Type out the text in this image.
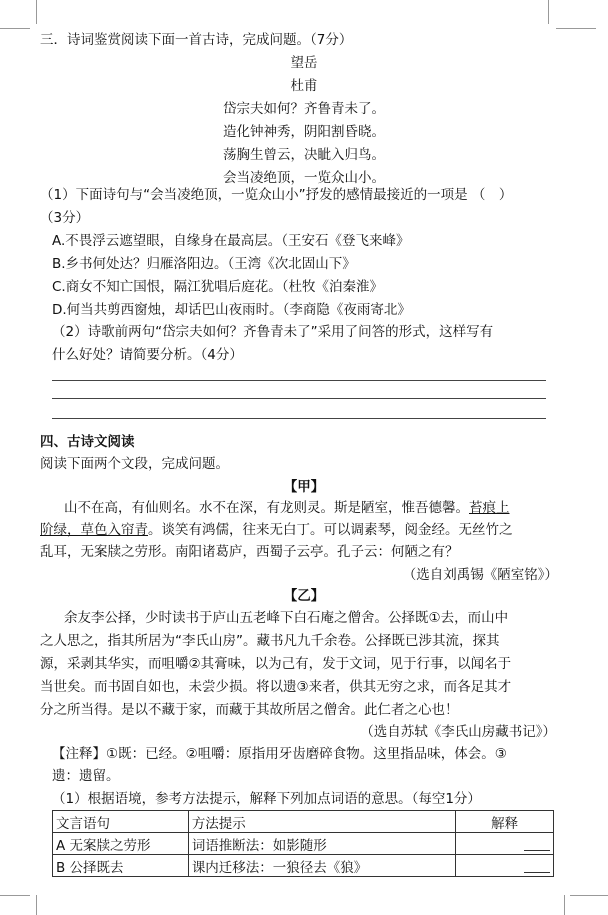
三．诗词鉴赏阅读下面一首古诗，完成问题。（7分）
望岳
杜甫
岱宗夫如何？齐鲁青未了。
造化钟神秀，阴阳割昏晓。
荡胸生曾云，决眦入归鸟。
会当凌绝顶，一览众山小。
（1）下面诗句与“会当凌绝顶，一览众山小”抒发的感情最接近的一项是 （　）
（3分）
A.不畏浮云遮望眼，自缘身在最高层。（王安石《登飞来峰》
B.乡书何处达？归雁洛阳边。（王湾《次北固山下》
C.商女不知亡国恨，隔江犹唱后庭花。（杜牧《泊秦淮》
D.何当共剪西窗烛，却话巴山夜雨时。（李商隐《夜雨寄北》
（2）诗歌前两句“岱宗夫如何？齐鲁青未了”采用了问答的形式，这样写有
什么好处？请简要分析。（4分）
四、古诗文阅读
阅读下面两个文段，完成问题。
【甲】
山不在高，有仙则名。水不在深，有龙则灵。斯是陋室，惟吾德馨。苔痕上
阶绿，草色入帘青。谈笑有鸿儒，往来无白丁。可以调素琴，阅金经。无丝竹之
乱耳，无案牍之劳形。南阳诸葛庐，西蜀子云亭。孔子云：何陋之有？
（选自刘禹锡《陋室铭》）
【乙】
余友李公择，少时读书于庐山五老峰下白石庵之僧舍。公择既①去，而山中
之人思之，指其所居为“李氏山房”。藏书凡九千余卷。公择既已涉其流，探其
源，采剥其华实，而咀嚼②其膏味，以为己有，发于文词，见于行事，以闻名于
当世矣。而书固自如也，未尝少损。将以遗③来者，供其无穷之求，而各足其才
分之所当得。是以不藏于家，而藏于其故所居之僧舍。此仁者之心也！
（选自苏轼《李氏山房藏书记》）
【注释】①既：已经。②咀嚼：原指用牙齿磨碎食物。这里指品味，体会。③
遗：遗留。
（1）根据语境，参考方法提示，解释下列加点词语的意思。（每空1分）
文言语句	方法提示	解释
A 无案牍之劳形	词语推断法：如影随形	

B 公择既去	课内迁移法：一狼径去《狼》	
